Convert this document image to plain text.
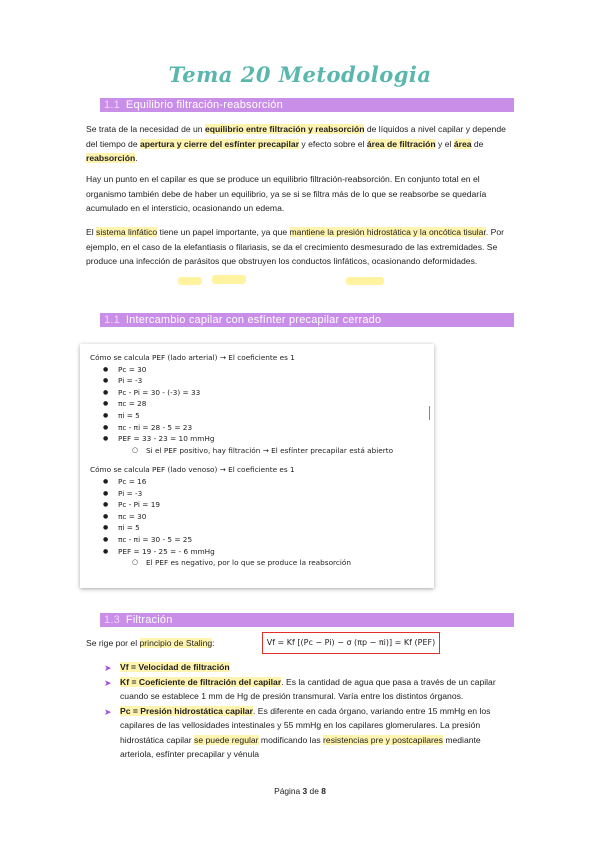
Tema 20 Metodologia
1.1 Equilibrio filtración-reabsorción
Se trata de la necesidad de un equilibrio entre filtración y reabsorción de líquidos a nivel capilar y depende del tiempo de apertura y cierre del esfínter precapilar y efecto sobre el área de filtración y el área de reabsorción.
Hay un punto en el capilar es que se produce un equilibrio filtración-reabsorción. En conjunto total en el organismo también debe de haber un equilibrio, ya se si se filtra más de lo que se reabsorbe se quedaría acumulado en el intersticio, ocasionando un edema.
El sistema linfático tiene un papel importante, ya que mantiene la presión hidrostática y la oncótica tisular. Por ejemplo, en el caso de la elefantiasis o filariasis, se da el crecimiento desmesurado de las extremidades. Se produce una infección de parásitos que obstruyen los conductos linfáticos, ocasionando deformidades.
1.1 Intercambio capilar con esfínter precapilar cerrado
Cómo se calcula PEF (lado arterial) → El coeficiente es 1
● Pc = 30
● Pi = -3
● Pc - Pi = 30 - (-3) = 33
● πc = 28
● πi = 5
● πc - πi = 28 - 5 = 23
● PEF = 33 - 23 = 10 mmHg
○ Si el PEF positivo, hay filtración → El esfínter precapilar está abierto
Cómo se calcula PEF (lado venoso) → El coeficiente es 1
● Pc = 16
● Pi = -3
● Pc - Pi = 19
● πc = 30
● πi = 5
● πc - πi = 30 - 5 = 25
● PEF = 19 - 25 = - 6 mmHg
○ El PEF es negativo, por lo que se produce la reabsorción
1.3 Filtración
Se rige por el principio de Staling:	Vf = Kf [(Pc − Pi) − σ (πp − πi)] = Kf (PEF)
➤ Vf = Velocidad de filtración
➤ Kf = Coeficiente de filtración del capilar. Es la cantidad de agua que pasa a través de un capilar cuando se establece 1 mm de Hg de presión transmural. Varía entre los distintos órganos.
➤ Pc = Presión hidrostática capilar. Es diferente en cada órgano, variando entre 15 mmHg en los capilares de las vellosidades intestinales y 55 mmHg en los capilares glomerulares. La presión hidrostática capilar se puede regular modificando las resistencias pre y postcapilares mediante arteriola, esfínter precapilar y vénula
Página 3 de 8
